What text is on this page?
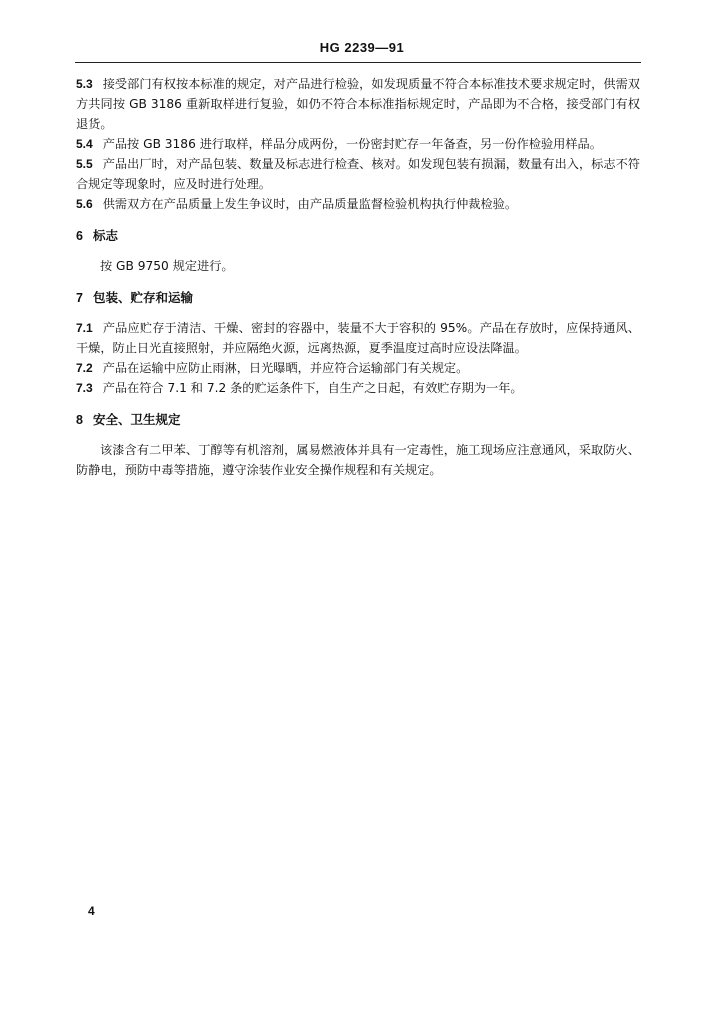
HG 2239—91

5.3 接受部门有权按本标准的规定，对产品进行检验，如发现质量不符合本标准技术要求规定时，供需双方共同按 GB 3186 重新取样进行复验，如仍不符合本标准指标规定时，产品即为不合格，接受部门有权退货。

5.4 产品按 GB 3186 进行取样，样品分成两份，一份密封贮存一年备查，另一份作检验用样品。

5.5 产品出厂时，对产品包装、数量及标志进行检查、核对。如发现包装有损漏，数量有出入，标志不符合规定等现象时，应及时进行处理。

5.6 供需双方在产品质量上发生争议时，由产品质量监督检验机构执行仲裁检验。

6 标志

按 GB 9750 规定进行。

7 包装、贮存和运输

7.1 产品应贮存于清洁、干燥、密封的容器中，装量不大于容积的 95%。产品在存放时，应保持通风、干燥，防止日光直接照射，并应隔绝火源，远离热源，夏季温度过高时应设法降温。

7.2 产品在运输中应防止雨淋，日光曝晒，并应符合运输部门有关规定。

7.3 产品在符合 7.1 和 7.2 条的贮运条件下，自生产之日起，有效贮存期为一年。

8 安全、卫生规定

该漆含有二甲苯、丁醇等有机溶剂，属易燃液体并具有一定毒性，施工现场应注意通风，采取防火、防静电，预防中毒等措施，遵守涂装作业安全操作规程和有关规定。

4
